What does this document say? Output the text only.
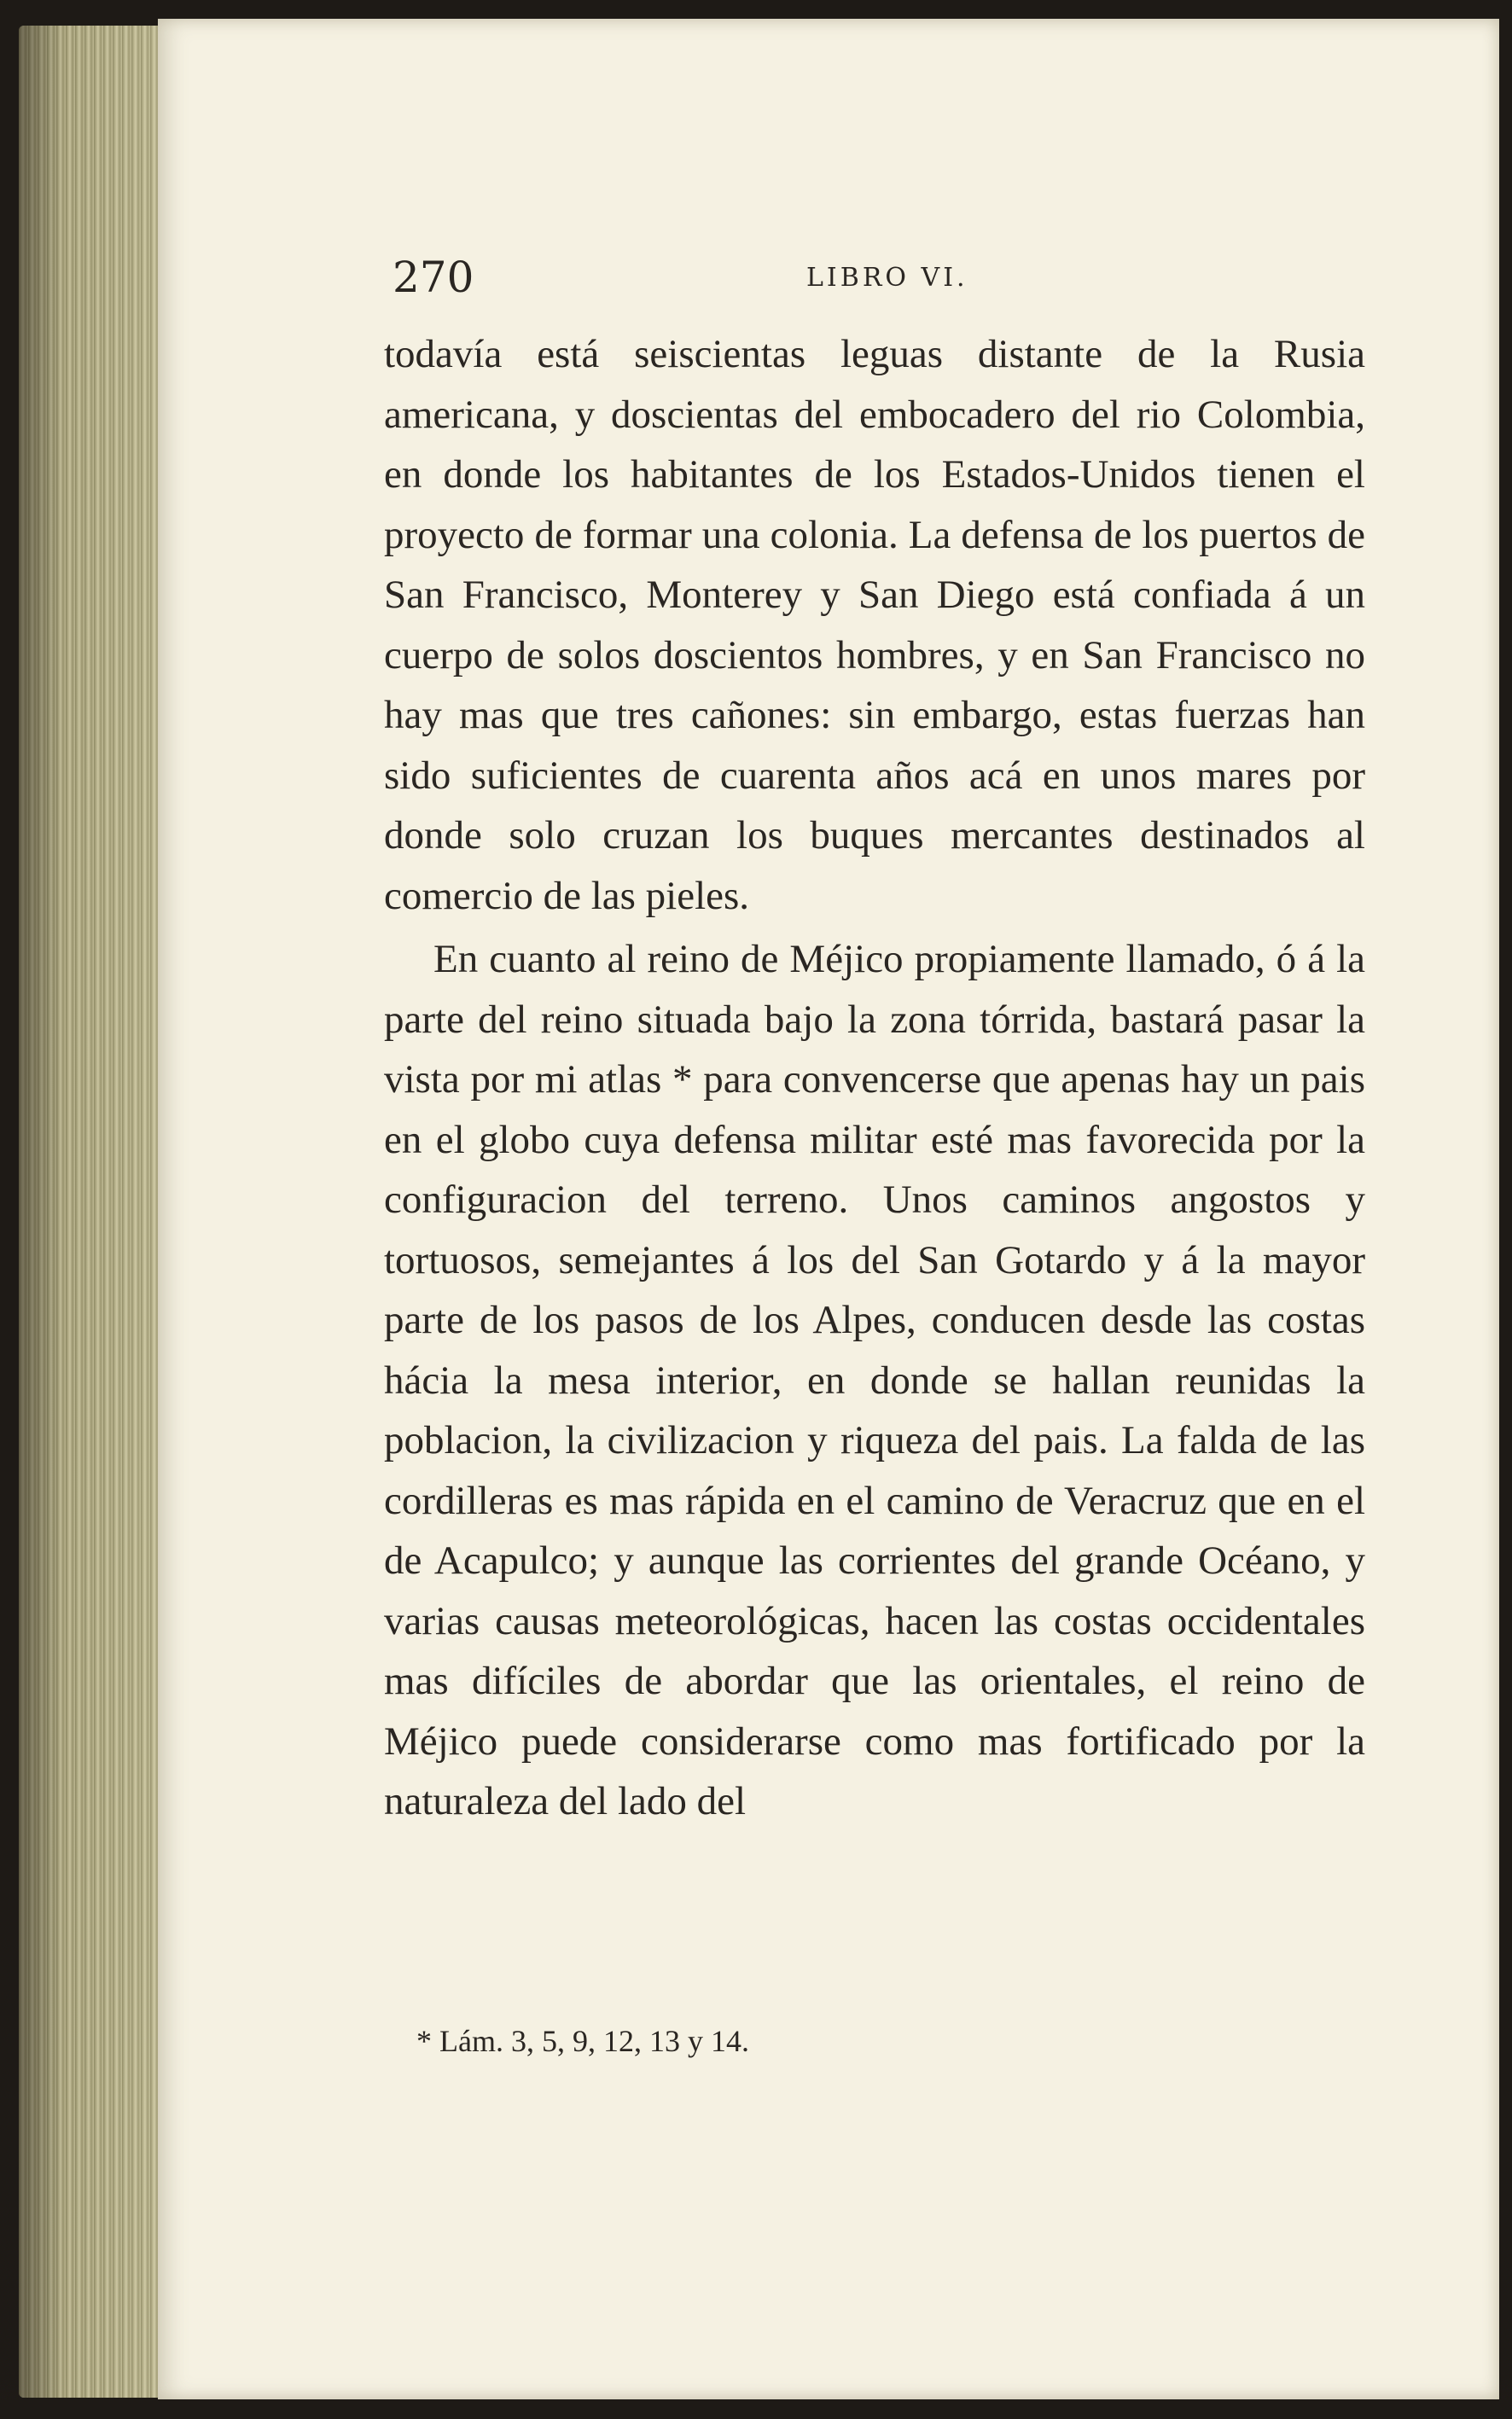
270	LIBRO VI.

todavía está seiscientas leguas distante de la Rusia americana, y doscientas del embocadero del rio Colombia, en donde los habitantes de los Estados-Unidos tienen el proyecto de formar una colonia. La defensa de los puertos de San Francisco, Monterey y San Diego está confiada á un cuerpo de solos doscientos hombres, y en San Francisco no hay mas que tres cañones: sin embargo, estas fuerzas han sido suficientes de cuarenta años acá en unos mares por donde solo cruzan los buques mercantes destinados al comercio de las pieles.

En cuanto al reino de Méjico propiamente llamado, ó á la parte del reino situada bajo la zona tórrida, bastará pasar la vista por mi atlas * para convencerse que apenas hay un pais en el globo cuya defensa militar esté mas favorecida por la configuracion del terreno. Unos caminos angostos y tortuosos, semejantes á los del San Gotardo y á la mayor parte de los pasos de los Alpes, conducen desde las costas hácia la mesa interior, en donde se hallan reunidas la poblacion, la civilizacion y riqueza del pais. La falda de las cordilleras es mas rápida en el camino de Veracruz que en el de Acapulco; y aunque las corrientes del grande Océano, y varias causas meteorológicas, hacen las costas occidentales mas difíciles de abordar que las orientales, el reino de Méjico puede considerarse como mas fortificado por la naturaleza del lado del

* Lám. 3, 5, 9, 12, 13 y 14.
